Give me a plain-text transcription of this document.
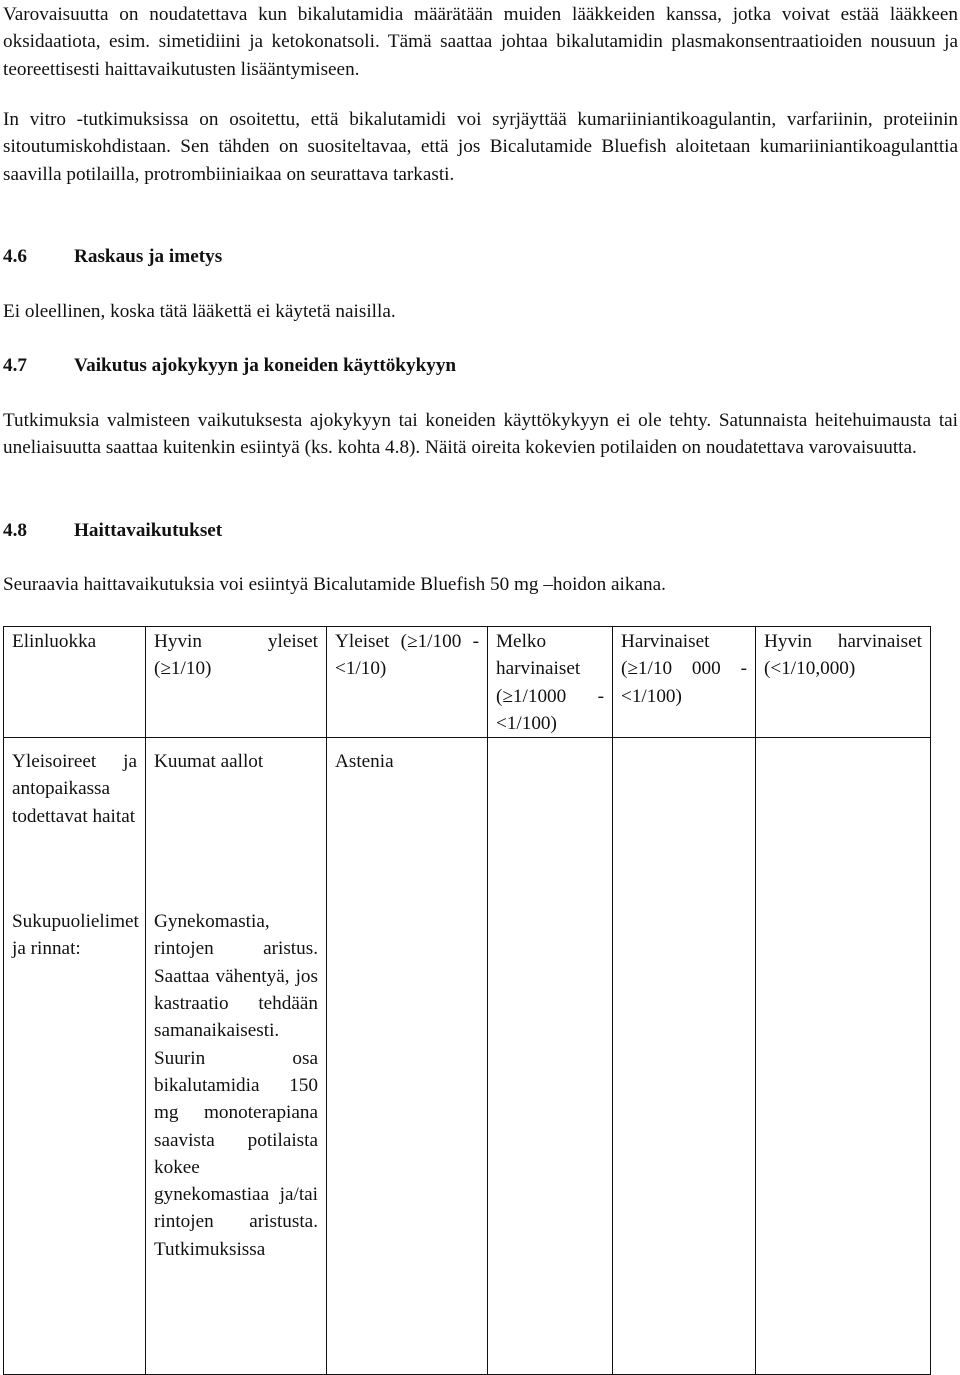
Varovaisuutta on noudatettava kun bikalutamidia määrätään muiden lääkkeiden kanssa, jotka voivat estää lääkkeen oksidaatiota, esim. simetidiini ja ketokonatsoli. Tämä saattaa johtaa bikalutamidin plasmakonsentraatioiden nousuun ja teoreettisesti haittavaikutusten lisääntymiseen.

In vitro -tutkimuksissa on osoitettu, että bikalutamidi voi syrjäyttää kumariiniantikoagulantin, varfariinin, proteiinin sitoutumiskohdistaan. Sen tähden on suositeltavaa, että jos Bicalutamide Bluefish aloitetaan kumariiniantikoagulanttia saavilla potilailla, protrombiiniaikaa on seurattava tarkasti.

4.6 Raskaus ja imetys

Ei oleellinen, koska tätä lääkettä ei käytetä naisilla.

4.7 Vaikutus ajokykyyn ja koneiden käyttökykyyn

Tutkimuksia valmisteen vaikutuksesta ajokykyyn tai koneiden käyttökykyyn ei ole tehty. Satunnaista heitehuimausta tai uneliaisuutta saattaa kuitenkin esiintyä (ks. kohta 4.8). Näitä oireita kokevien potilaiden on noudatettava varovaisuutta.

4.8 Haittavaikutukset

Seuraavia haittavaikutuksia voi esiintyä Bicalutamide Bluefish 50 mg –hoidon aikana.

Elinluokka	Hyvin yleiset (≥1/10)	Yleiset (≥1/100 - <1/10)	Melko harvinaiset (≥1/1000 - <1/100)	Harvinaiset (≥1/10 000 - <1/100)	Hyvin harvinaiset (<1/10,000)
Yleisoireet ja antopaikassa todettavat haitat	Kuumat aallot	Astenia			
Sukupuolielimet ja rinnat:	Gynekomastia, rintojen aristus. Saattaa vähentyä, jos kastraatio tehdään samanaikaisesti. Suurin osa bikalutamidia 150 mg monoterapiana saavista potilaista kokee gynekomastiaa ja/tai rintojen aristusta. Tutkimuksissa				
